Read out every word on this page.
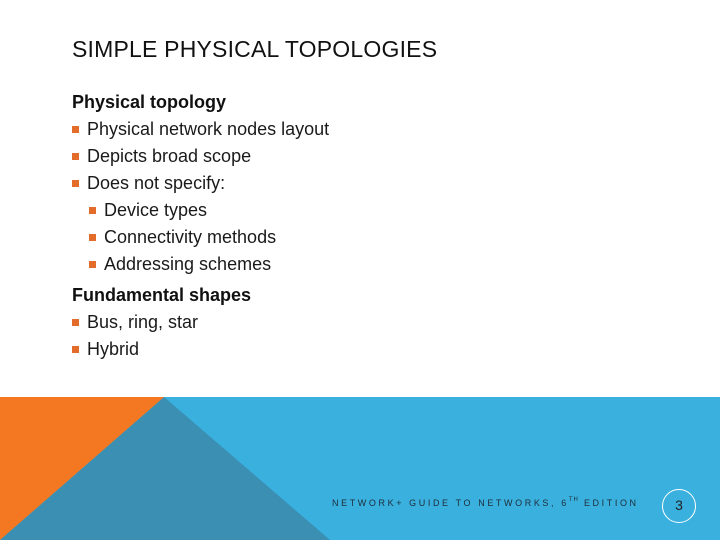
SIMPLE PHYSICAL TOPOLOGIES
Physical topology
Physical network nodes layout
Depicts broad scope
Does not specify:
Device types
Connectivity methods
Addressing schemes
Fundamental shapes
Bus, ring, star
Hybrid
NETWORK+ GUIDE TO NETWORKS, 6TH EDITION	3
